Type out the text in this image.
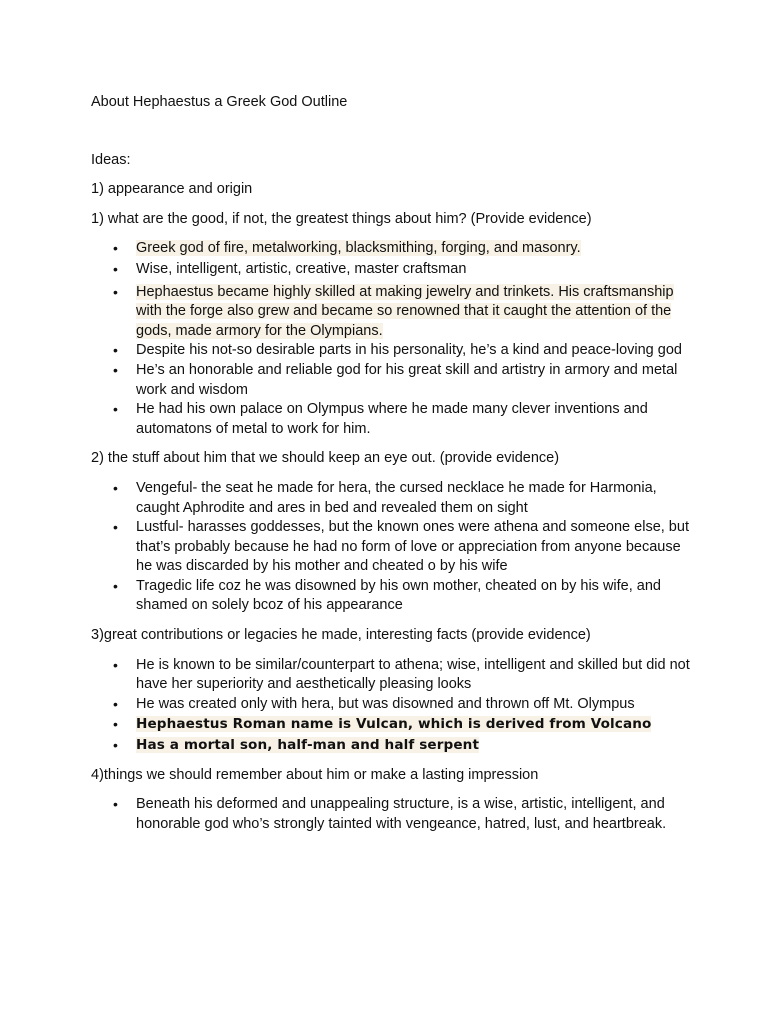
About Hephaestus a Greek God Outline

Ideas:

1) appearance and origin

1) what are the good, if not, the greatest things about him? (Provide evidence)

• Greek god of fire, metalworking, blacksmithing, forging, and masonry.
• Wise, intelligent, artistic, creative, master craftsman
• Hephaestus became highly skilled at making jewelry and trinkets. His craftsmanship with the forge also grew and became so renowned that it caught the attention of the gods, made armory for the Olympians.
• Despite his not-so desirable parts in his personality, he’s a kind and peace-loving god
• He’s an honorable and reliable god for his great skill and artistry in armory and metal work and wisdom
• He had his own palace on Olympus where he made many clever inventions and automatons of metal to work for him.

2) the stuff about him that we should keep an eye out. (provide evidence)

• Vengeful- the seat he made for hera, the cursed necklace he made for Harmonia, caught Aphrodite and ares in bed and revealed them on sight
• Lustful- harasses goddesses, but the known ones were athena and someone else, but that’s probably because he had no form of love or appreciation from anyone because he was discarded by his mother and cheated o by his wife
• Tragedic life coz he was disowned by his own mother, cheated on by his wife, and shamed on solely bcoz of his appearance

3)great contributions or legacies he made, interesting facts (provide evidence)

• He is known to be similar/counterpart to athena; wise, intelligent and skilled but did not have her superiority and aesthetically pleasing looks
• He was created only with hera, but was disowned and thrown off Mt. Olympus
• Hephaestus Roman name is Vulcan, which is derived from Volcano
• Has a mortal son, half-man and half serpent

4)things we should remember about him or make a lasting impression

• Beneath his deformed and unappealing structure, is a wise, artistic, intelligent, and honorable god who’s strongly tainted with vengeance, hatred, lust, and heartbreak.
